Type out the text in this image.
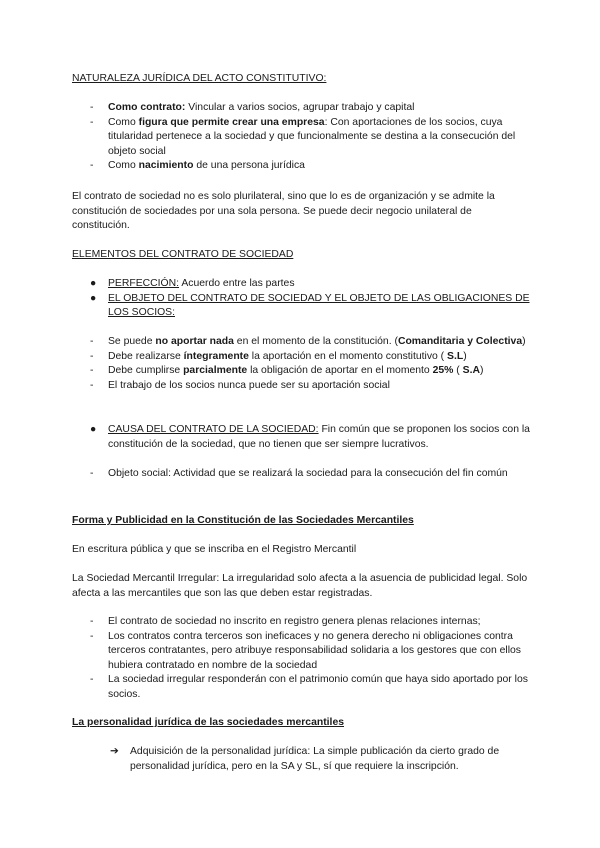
NATURALEZA JURÍDICA DEL ACTO CONSTITUTIVO:
-	Como contrato: Vincular a varios socios, agrupar trabajo y capital
-	Como figura que permite crear una empresa: Con aportaciones de los socios, cuya titularidad pertenece a la sociedad y que funcionalmente se destina a la consecución del objeto social
-	Como nacimiento de una persona jurídica
El contrato de sociedad no es solo plurilateral, sino que lo es de organización y se admite la constitución de sociedades por una sola persona. Se puede decir negocio unilateral de constitución.
ELEMENTOS DEL CONTRATO DE SOCIEDAD
●	PERFECCIÓN: Acuerdo entre las partes
●	EL OBJETO DEL CONTRATO DE SOCIEDAD Y EL OBJETO DE LAS OBLIGACIONES DE LOS SOCIOS:
-	Se puede no aportar nada en el momento de la constitución. (Comanditaria y Colectiva)
-	Debe realizarse íntegramente la aportación en el momento constitutivo ( S.L)
-	Debe cumplirse parcialmente la obligación de aportar en el momento 25% ( S.A)
-	El trabajo de los socios nunca puede ser su aportación social
●	CAUSA DEL CONTRATO DE LA SOCIEDAD: Fin común que se proponen los socios con la constitución de la sociedad, que no tienen que ser siempre lucrativos.
-	Objeto social: Actividad que se realizará la sociedad para la consecución del fin común
Forma y Publicidad en la Constitución de las Sociedades Mercantiles
En escritura pública y que se inscriba en el Registro Mercantil
La Sociedad Mercantil Irregular: La irregularidad solo afecta a la asuencia de publicidad legal. Solo afecta a las mercantiles que son las que deben estar registradas.
-	El contrato de sociedad no inscrito en registro genera plenas relaciones internas;
-	Los contratos contra terceros son ineficaces y no genera derecho ni obligaciones contra terceros contratantes, pero atribuye responsabilidad solidaria a los gestores que con ellos hubiera contratado en nombre de la sociedad
-	La sociedad irregular responderán con el patrimonio común que haya sido aportado por los socios.
La personalidad jurídica de las sociedades mercantiles
➔ Adquisición de la personalidad jurídica: La simple publicación da cierto grado de personalidad jurídica, pero en la SA y SL, sí que requiere la inscripción.
